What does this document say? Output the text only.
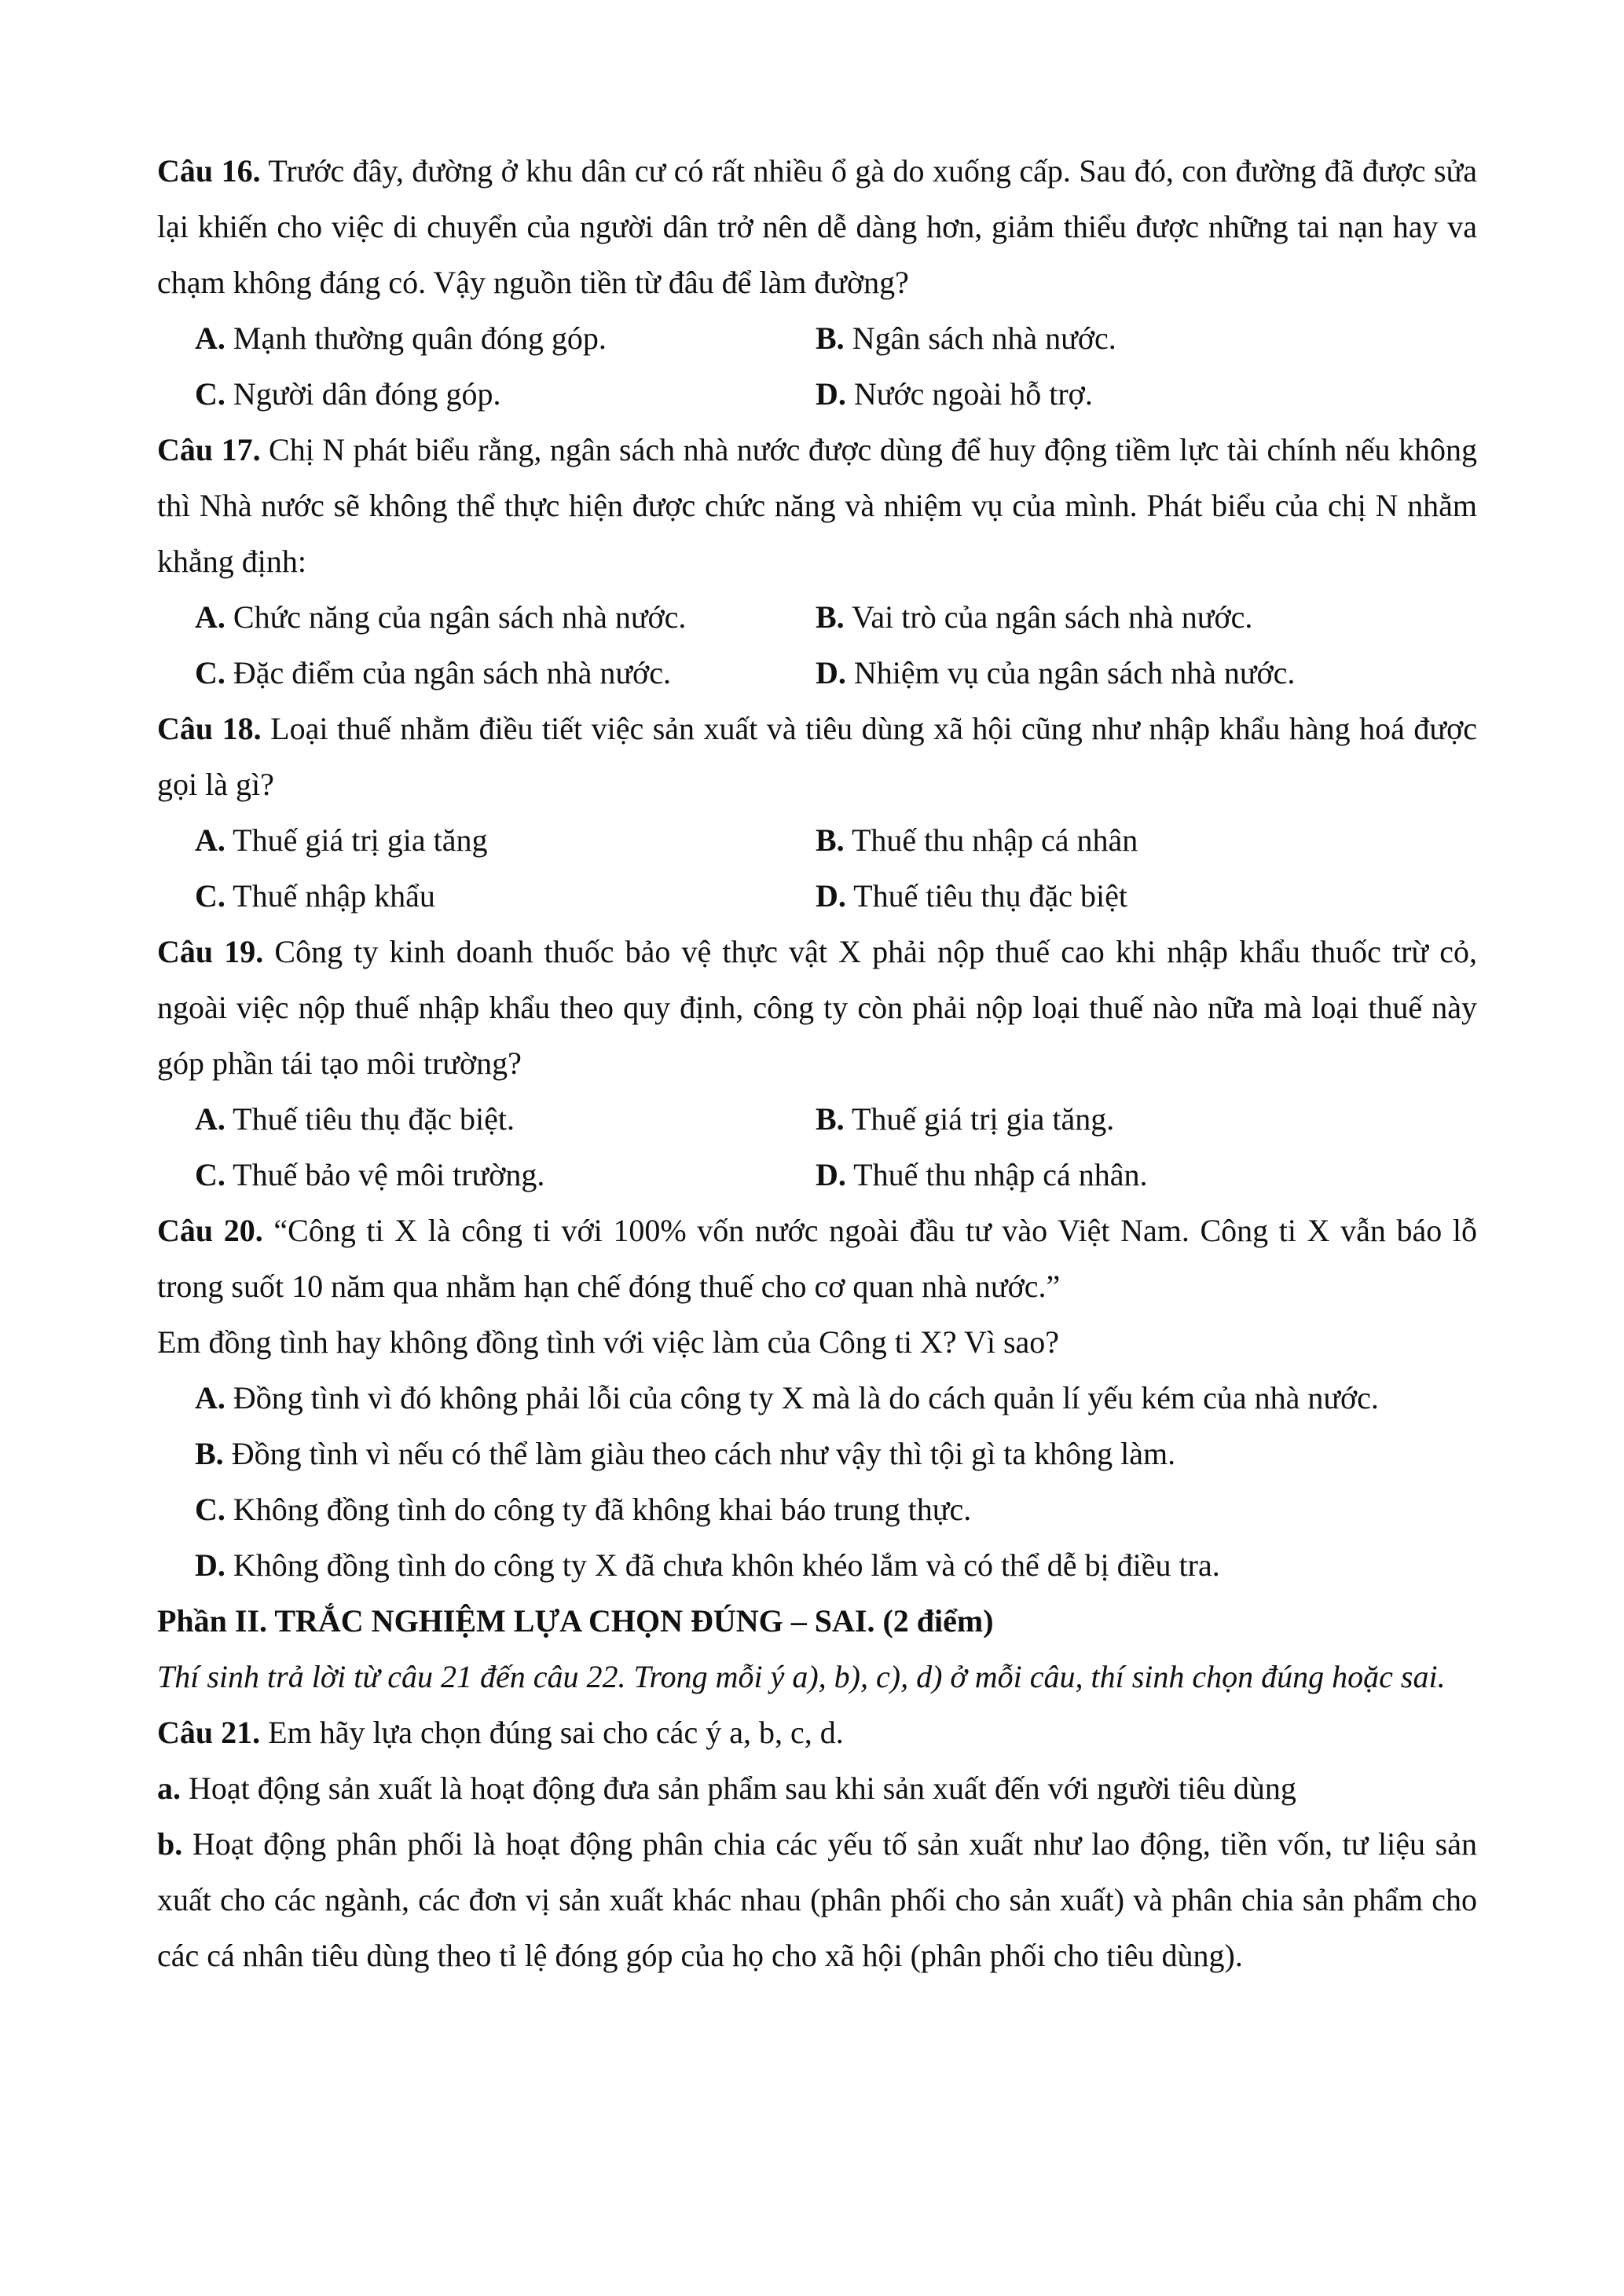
Câu 16. Trước đây, đường ở khu dân cư có rất nhiều ổ gà do xuống cấp. Sau đó, con đường đã được sửa lại khiến cho việc di chuyển của người dân trở nên dễ dàng hơn, giảm thiểu được những tai nạn hay va chạm không đáng có. Vậy nguồn tiền từ đâu để làm đường?

A. Mạnh thường quân đóng góp.	B. Ngân sách nhà nước.
C. Người dân đóng góp.	D. Nước ngoài hỗ trợ.

Câu 17. Chị N phát biểu rằng, ngân sách nhà nước được dùng để huy động tiềm lực tài chính nếu không thì Nhà nước sẽ không thể thực hiện được chức năng và nhiệm vụ của mình. Phát biểu của chị N nhằm khẳng định:

A. Chức năng của ngân sách nhà nước.	B. Vai trò của ngân sách nhà nước.
C. Đặc điểm của ngân sách nhà nước.	D. Nhiệm vụ của ngân sách nhà nước.

Câu 18. Loại thuế nhằm điều tiết việc sản xuất và tiêu dùng xã hội cũng như nhập khẩu hàng hoá được gọi là gì?

A. Thuế giá trị gia tăng	B. Thuế thu nhập cá nhân
C. Thuế nhập khẩu	D. Thuế tiêu thụ đặc biệt

Câu 19. Công ty kinh doanh thuốc bảo vệ thực vật X phải nộp thuế cao khi nhập khẩu thuốc trừ cỏ, ngoài việc nộp thuế nhập khẩu theo quy định, công ty còn phải nộp loại thuế nào nữa mà loại thuế này góp phần tái tạo môi trường?

A. Thuế tiêu thụ đặc biệt.	B. Thuế giá trị gia tăng.
C. Thuế bảo vệ môi trường.	D. Thuế thu nhập cá nhân.

Câu 20. “Công ti X là công ti với 100% vốn nước ngoài đầu tư vào Việt Nam. Công ti X vẫn báo lỗ trong suốt 10 năm qua nhằm hạn chế đóng thuế cho cơ quan nhà nước.”

Em đồng tình hay không đồng tình với việc làm của Công ti X? Vì sao?

A. Đồng tình vì đó không phải lỗi của công ty X mà là do cách quản lí yếu kém của nhà nước.
B. Đồng tình vì nếu có thể làm giàu theo cách như vậy thì tội gì ta không làm.
C. Không đồng tình do công ty đã không khai báo trung thực.
D. Không đồng tình do công ty X đã chưa khôn khéo lắm và có thể dễ bị điều tra.

Phần II. TRẮC NGHIỆM LỰA CHỌN ĐÚNG – SAI. (2 điểm)

Thí sinh trả lời từ câu 21 đến câu 22. Trong mỗi ý a), b), c), d) ở mỗi câu, thí sinh chọn đúng hoặc sai.

Câu 21. Em hãy lựa chọn đúng sai cho các ý a, b, c, d.

a. Hoạt động sản xuất là hoạt động đưa sản phẩm sau khi sản xuất đến với người tiêu dùng

b. Hoạt động phân phối là hoạt động phân chia các yếu tố sản xuất như lao động, tiền vốn, tư liệu sản xuất cho các ngành, các đơn vị sản xuất khác nhau (phân phối cho sản xuất) và phân chia sản phẩm cho các cá nhân tiêu dùng theo tỉ lệ đóng góp của họ cho xã hội (phân phối cho tiêu dùng).
